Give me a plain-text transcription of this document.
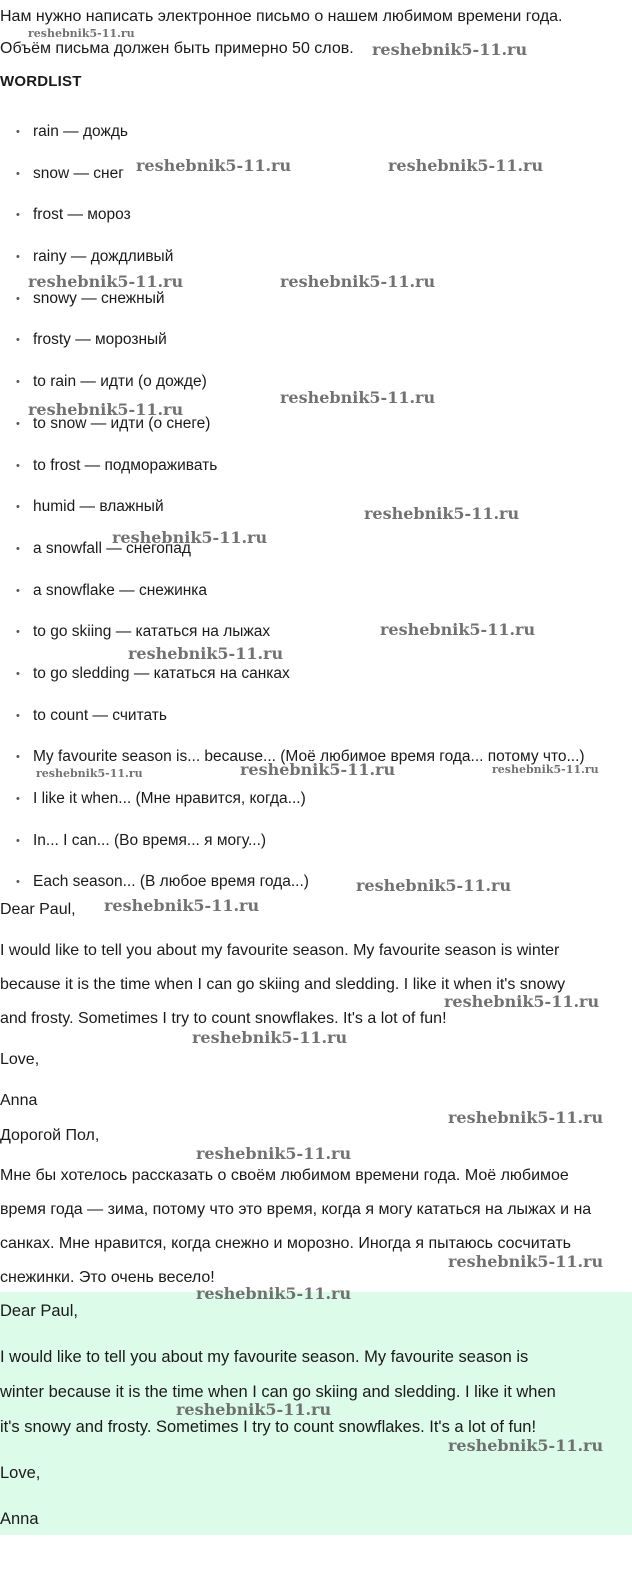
Нам нужно написать электронное письмо о нашем любимом времени года.
Объём письма должен быть примерно 50 слов.
WORDLIST
• rain — дождь
• snow — снег
• frost — мороз
• rainy — дождливый
• snowy — снежный
• frosty — морозный
• to rain — идти (о дожде)
• to snow — идти (о снеге)
• to frost — подмораживать
• humid — влажный
• a snowfall — снегопад
• a snowflake — снежинка
• to go skiing — кататься на лыжах
• to go sledding — кататься на санках
• to count — считать
• My favourite season is... because... (Моё любимое время года... потому что...)
• I like it when... (Мне нравится, когда...)
• In... I can... (Во время... я могу...)
• Each season... (В любое время года...)
Dear Paul,
I would like to tell you about my favourite season. My favourite season is winter
because it is the time when I can go skiing and sledding. I like it when it's snowy
and frosty. Sometimes I try to count snowflakes. It's a lot of fun!
Love,
Anna
Дорогой Пол,
Мне бы хотелось рассказать о своём любимом времени года. Моё любимое
время года — зима, потому что это время, когда я могу кататься на лыжах и на
санках. Мне нравится, когда снежно и морозно. Иногда я пытаюсь сосчитать
снежинки. Это очень весело!
Dear Paul,
I would like to tell you about my favourite season. My favourite season is
winter because it is the time when I can go skiing and sledding. I like it when
it's snowy and frosty. Sometimes I try to count snowflakes. It's a lot of fun!
Love,
Anna
reshebnik5-11.ru
reshebnik5-11.ru
reshebnik5-11.ru	reshebnik5-11.ru
reshebnik5-11.ru	reshebnik5-11.ru
reshebnik5-11.ru
reshebnik5-11.ru
reshebnik5-11.ru
reshebnik5-11.ru
reshebnik5-11.ru
reshebnik5-11.ru
reshebnik5-11.ru
reshebnik5-11.ru	reshebnik5-11.ru
reshebnik5-11.ru
reshebnik5-11.ru
reshebnik5-11.ru
reshebnik5-11.ru
reshebnik5-11.ru
reshebnik5-11.ru
reshebnik5-11.ru
reshebnik5-11.ru
reshebnik5-11.ru
reshebnik5-11.ru
